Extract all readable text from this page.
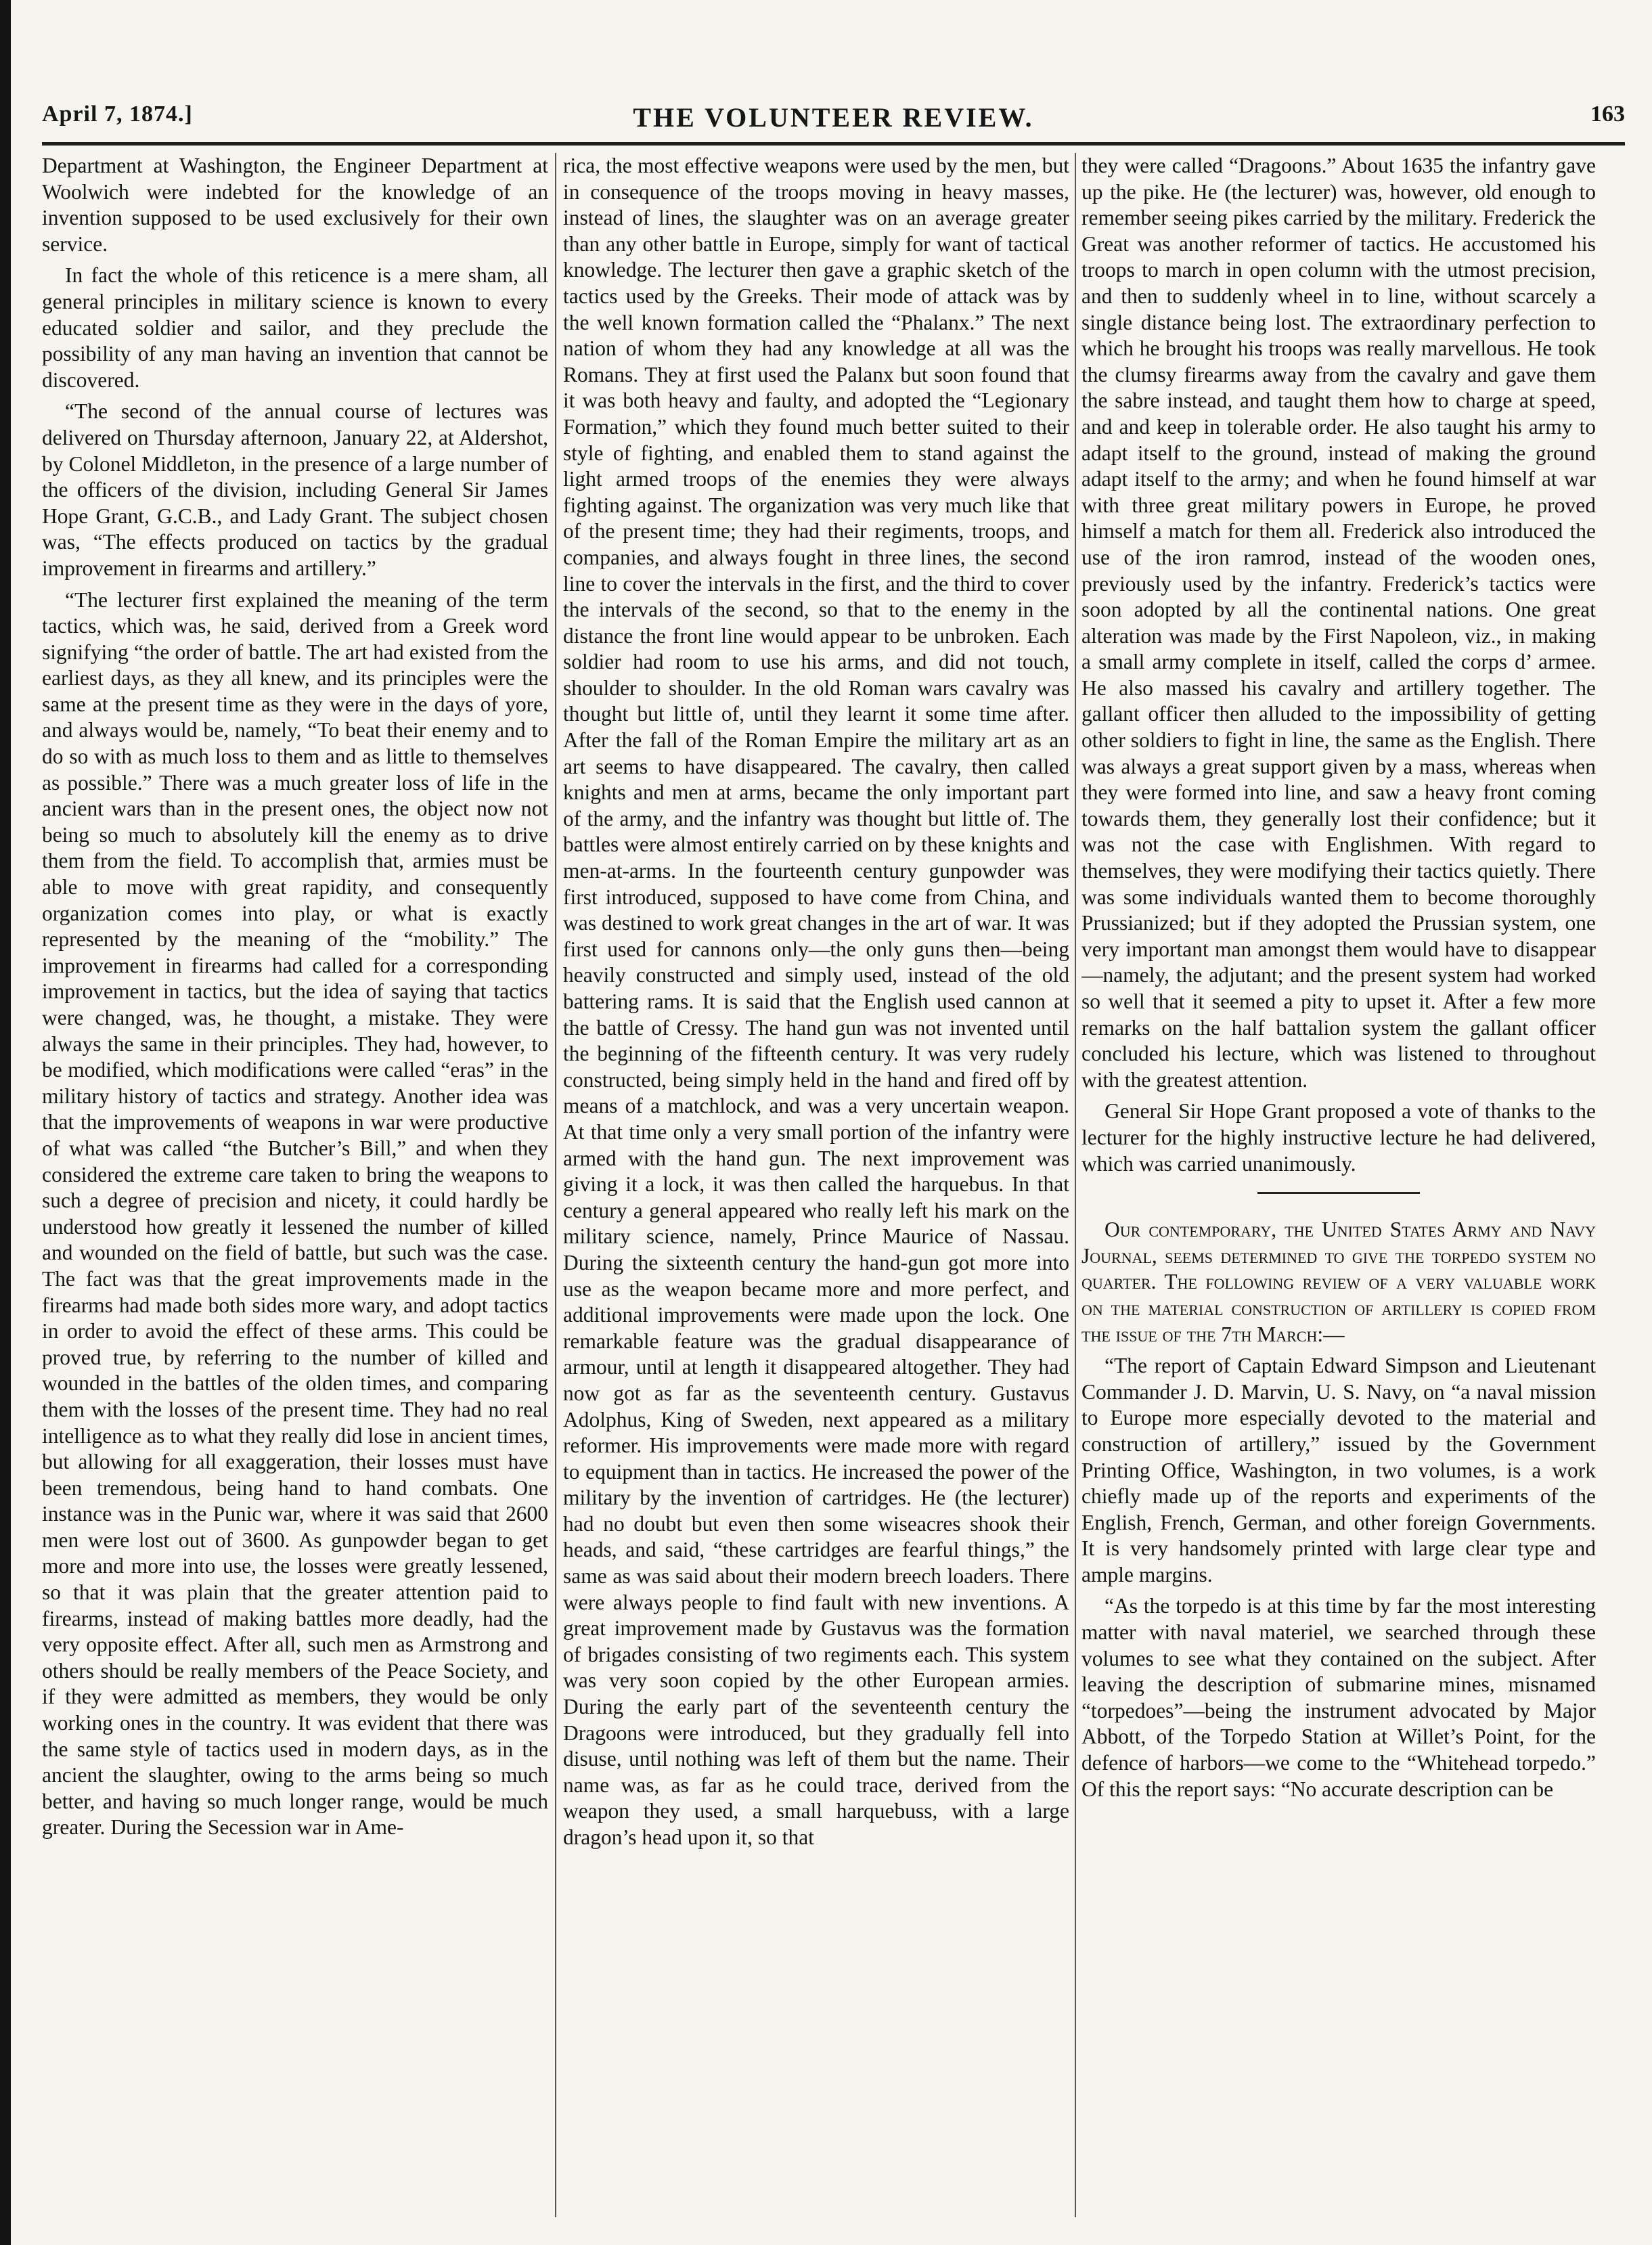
April 7, 1874.]	THE VOLUNTEER REVIEW.	163

Department at Washington, the Engineer Department at Woolwich were indebted for the knowledge of an invention supposed to be used exclusively for their own service.

In fact the whole of this reticence is a mere sham, all general principles in military science is known to every educated soldier and sailor, and they preclude the possibility of any man having an invention that cannot be discovered.

“The second of the annual course of lectures was delivered on Thursday afternoon, January 22, at Aldershot, by Colonel Middleton, in the presence of a large number of the officers of the division, including General Sir James Hope Grant, G.C.B., and Lady Grant. The subject chosen was, “The effects produced on tactics by the gradual improvement in firearms and artillery.”

“The lecturer first explained the meaning of the term tactics, which was, he said, derived from a Greek word signifying “the order of battle. The art had existed from the earliest days, as they all knew, and its principles were the same at the present time as they were in the days of yore, and always would be, namely, “To beat their enemy and to do so with as much loss to them and as little to themselves as possible.” There was a much greater loss of life in the ancient wars than in the present ones, the object now not being so much to absolutely kill the enemy as to drive them from the field. To accomplish that, armies must be able to move with great rapidity, and consequently organization comes into play, or what is exactly represented by the meaning of the “mobility.” The improvement in firearms had called for a corresponding improvement in tactics, but the idea of saying that tactics were changed, was, he thought, a mistake. They were always the same in their principles. They had, however, to be modified, which modifications were called “eras” in the military history of tactics and strategy. Another idea was that the improvements of weapons in war were productive of what was called “the Butcher’s Bill,” and when they considered the extreme care taken to bring the weapons to such a degree of precision and nicety, it could hardly be understood how greatly it lessened the number of killed and wounded on the field of battle, but such was the case. The fact was that the great improvements made in the firearms had made both sides more wary, and adopt tactics in order to avoid the effect of these arms. This could be proved true, by referring to the number of killed and wounded in the battles of the olden times, and comparing them with the losses of the present time. They had no real intelligence as to what they really did lose in ancient times, but allowing for all exaggeration, their losses must have been tremendous, being hand to hand combats. One instance was in the Punic war, where it was said that 2600 men were lost out of 3600. As gunpowder began to get more and more into use, the losses were greatly lessened, so that it was plain that the greater attention paid to firearms, instead of making battles more deadly, had the very opposite effect. After all, such men as Armstrong and others should be really members of the Peace Society, and if they were admitted as members, they would be only working ones in the country. It was evident that there was the same style of tactics used in modern days, as in the ancient the slaughter, owing to the arms being so much better, and having so much longer range, would be much greater. During the Secession war in Ame-

rica, the most effective weapons were used by the men, but in consequence of the troops moving in heavy masses, instead of lines, the slaughter was on an average greater than any other battle in Europe, simply for want of tactical knowledge. The lecturer then gave a graphic sketch of the tactics used by the Greeks. Their mode of attack was by the well known formation called the “Phalanx.” The next nation of whom they had any knowledge at all was the Romans. They at first used the Palanx but soon found that it was both heavy and faulty, and adopted the “Legionary Formation,” which they found much better suited to their style of fighting, and enabled them to stand against the light armed troops of the enemies they were always fighting against. The organization was very much like that of the present time; they had their regiments, troops, and companies, and always fought in three lines, the second line to cover the intervals in the first, and the third to cover the intervals of the second, so that to the enemy in the distance the front line would appear to be unbroken. Each soldier had room to use his arms, and did not touch, shoulder to shoulder. In the old Roman wars cavalry was thought but little of, until they learnt it some time after. After the fall of the Roman Empire the military art as an art seems to have disappeared. The cavalry, then called knights and men at arms, became the only important part of the army, and the infantry was thought but little of. The battles were almost entirely carried on by these knights and men-at-arms. In the fourteenth century gunpowder was first introduced, supposed to have come from China, and was destined to work great changes in the art of war. It was first used for cannons only—the only guns then—being heavily constructed and simply used, instead of the old battering rams. It is said that the English used cannon at the battle of Cressy. The hand gun was not invented until the beginning of the fifteenth century. It was very rudely constructed, being simply held in the hand and fired off by means of a matchlock, and was a very uncertain weapon. At that time only a very small portion of the infantry were armed with the hand gun. The next improvement was giving it a lock, it was then called the harquebus. In that century a general appeared who really left his mark on the military science, namely, Prince Maurice of Nassau. During the sixteenth century the hand-gun got more into use as the weapon became more and more perfect, and additional improvements were made upon the lock. One remarkable feature was the gradual disappearance of armour, until at length it disappeared altogether. They had now got as far as the seventeenth century. Gustavus Adolphus, King of Sweden, next appeared as a military reformer. His improvements were made more with regard to equipment than in tactics. He increased the power of the military by the invention of cartridges. He (the lecturer) had no doubt but even then some wiseacres shook their heads, and said, “these cartridges are fearful things,” the same as was said about their modern breech loaders. There were always people to find fault with new inventions. A great improvement made by Gustavus was the formation of brigades consisting of two regiments each. This system was very soon copied by the other European armies. During the early part of the seventeenth century the Dragoons were introduced, but they gradually fell into disuse, until nothing was left of them but the name. Their name was, as far as he could trace, derived from the weapon they used, a small harquebuss, with a large dragon’s head upon it, so that

they were called “Dragoons.” About 1635 the infantry gave up the pike. He (the lecturer) was, however, old enough to remember seeing pikes carried by the military. Frederick the Great was another reformer of tactics. He accustomed his troops to march in open column with the utmost precision, and then to suddenly wheel in to line, without scarcely a single distance being lost. The extraordinary perfection to which he brought his troops was really marvellous. He took the clumsy firearms away from the cavalry and gave them the sabre instead, and taught them how to charge at speed, and and keep in tolerable order. He also taught his army to adapt itself to the ground, instead of making the ground adapt itself to the army; and when he found himself at war with three great military powers in Europe, he proved himself a match for them all. Frederick also introduced the use of the iron ramrod, instead of the wooden ones, previously used by the infantry. Frederick’s tactics were soon adopted by all the continental nations. One great alteration was made by the First Napoleon, viz., in making a small army complete in itself, called the corps d’ armee. He also massed his cavalry and artillery together. The gallant officer then alluded to the impossibility of getting other soldiers to fight in line, the same as the English. There was always a great support given by a mass, whereas when they were formed into line, and saw a heavy front coming towards them, they generally lost their confidence; but it was not the case with Englishmen. With regard to themselves, they were modifying their tactics quietly. There was some individuals wanted them to become thoroughly Prussianized; but if they adopted the Prussian system, one very important man amongst them would have to disappear—namely, the adjutant; and the present system had worked so well that it seemed a pity to upset it. After a few more remarks on the half battalion system the gallant officer concluded his lecture, which was listened to throughout with the greatest attention.

General Sir Hope Grant proposed a vote of thanks to the lecturer for the highly instructive lecture he had delivered, which was carried unanimously.

Our contemporary, the United States Army and Navy Journal, seems determined to give the torpedo system no quarter. The following review of a very valuable work on the material construction of artillery is copied from the issue of the 7th March:—

“The report of Captain Edward Simpson and Lieutenant Commander J. D. Marvin, U. S. Navy, on “a naval mission to Europe more especially devoted to the material and construction of artillery,” issued by the Government Printing Office, Washington, in two volumes, is a work chiefly made up of the reports and experiments of the English, French, German, and other foreign Governments. It is very handsomely printed with large clear type and ample margins.

“As the torpedo is at this time by far the most interesting matter with naval materiel, we searched through these volumes to see what they contained on the subject. After leaving the description of submarine mines, misnamed “torpedoes”—being the instrument advocated by Major Abbott, of the Torpedo Station at Willet’s Point, for the defence of harbors—we come to the “Whitehead torpedo.” Of this the report says: “No accurate description can be
